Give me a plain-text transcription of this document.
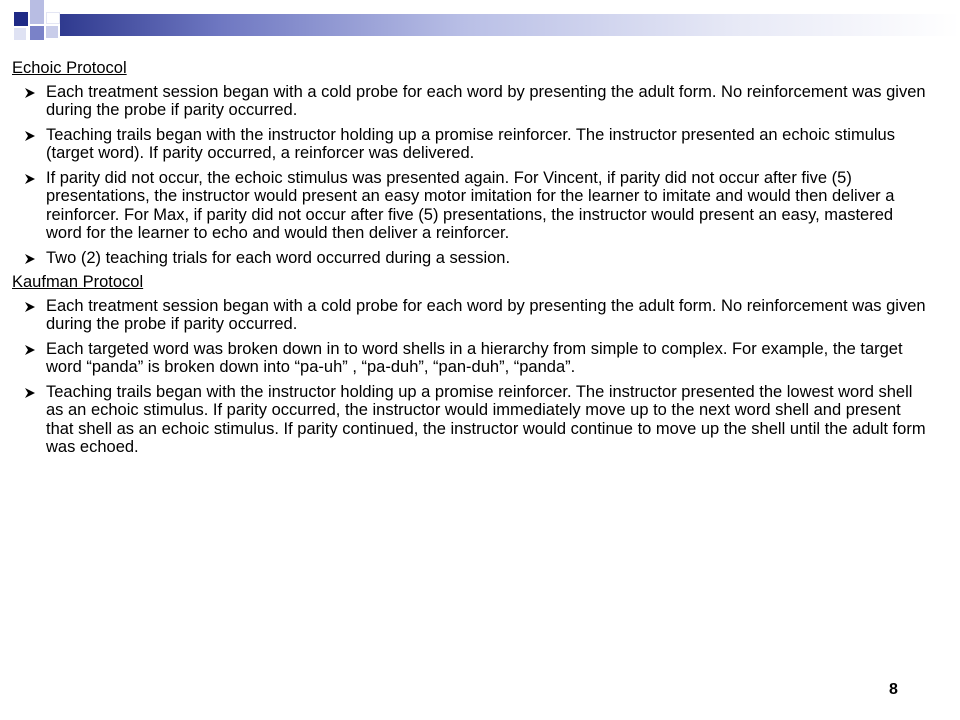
Echoic Protocol
Each treatment session began with a cold probe for each word by presenting the adult form. No reinforcement was given during the probe if parity occurred.
Teaching trails began with the instructor holding up a promise reinforcer. The instructor presented an echoic stimulus (target word). If parity occurred, a reinforcer was delivered.
If parity did not occur, the echoic stimulus was presented again. For Vincent, if parity did not occur after five (5) presentations, the instructor would present an easy motor imitation for the learner to imitate and would then deliver a reinforcer. For Max, if parity did not occur after five (5) presentations, the instructor would present an easy, mastered word for the learner to echo and would then deliver a reinforcer.
Two (2) teaching trials for each word occurred during a session.
Kaufman Protocol
Each treatment session began with a cold probe for each word by presenting the adult form. No reinforcement was given during the probe if parity occurred.
Each targeted word was broken down in to word shells in a hierarchy from simple to complex. For example, the target word “panda” is broken down into “pa-uh” , “pa-duh”, “pan-duh”, “panda”.
Teaching trails began with the instructor holding up a promise reinforcer. The instructor presented the lowest word shell as an echoic stimulus. If parity occurred, the instructor would immediately move up to the next word shell and present that shell as an echoic stimulus. If parity continued, the instructor would continue to move up the shell until the adult form was echoed.
8
